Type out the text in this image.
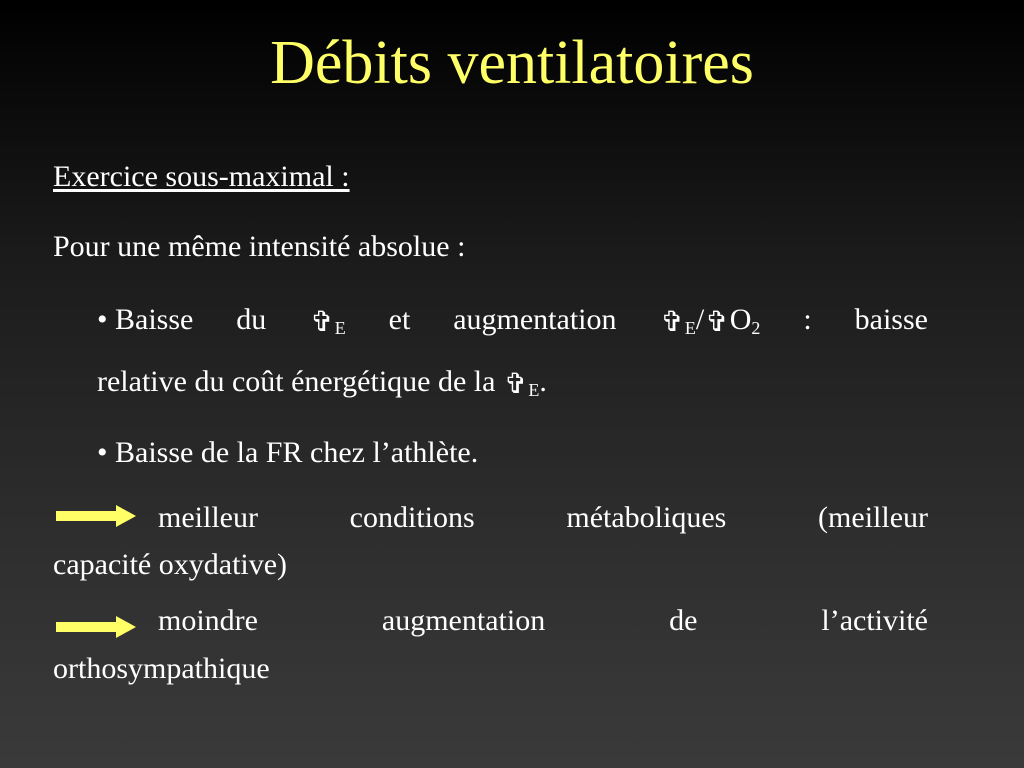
Débits ventilatoires
Exercice sous-maximal :
Pour une même intensité absolue :
• Baisse du $✞_E$ et augmentation $✞_E/✞O_2$ : baisse
relative du coût énergétique de la $✞_E$.
• Baisse de la FR chez l’athlète.
meilleur	conditions	métaboliques	(meilleur
capacité oxydative)
moindre	augmentation	de	l’activité
orthosympathique
